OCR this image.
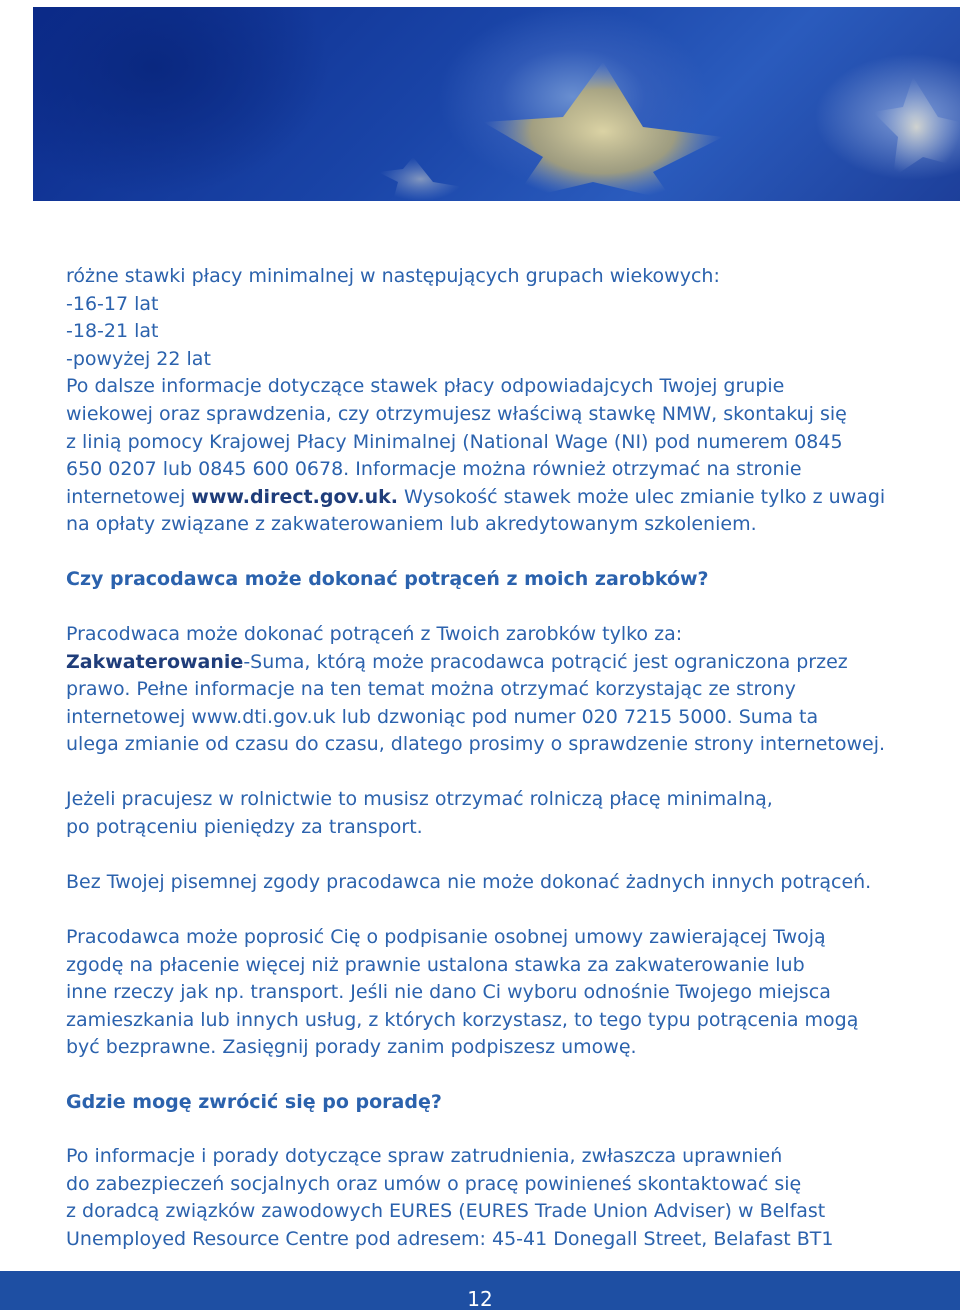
różne stawki płacy minimalnej w następujących grupach wiekowych:
-16-17 lat
-18-21 lat
-powyżej 22 lat
Po dalsze informacje dotyczące stawek płacy odpowiadajcych Twojej grupie
wiekowej oraz sprawdzenia, czy otrzymujesz właściwą stawkę NMW, skontakuj się
z linią pomocy Krajowej Płacy Minimalnej (National Wage (NI) pod numerem 0845
650 0207 lub 0845 600 0678. Informacje można również otrzymać na stronie
internetowej www.direct.gov.uk. Wysokość stawek może ulec zmianie tylko z uwagi
na opłaty związane z zakwaterowaniem lub akredytowanym szkoleniem.

Czy pracodawca może dokonać potrąceń z moich zarobków?

Pracodwaca może dokonać potrąceń z Twoich zarobków tylko za:
Zakwaterowanie-Suma, którą może pracodawca potrącić jest ograniczona przez
prawo. Pełne informacje na ten temat można otrzymać korzystając ze strony
internetowej www.dti.gov.uk lub dzwoniąc pod numer 020 7215 5000. Suma ta
ulega zmianie od czasu do czasu, dlatego prosimy o sprawdzenie strony internetowej.

Jeżeli pracujesz w rolnictwie to musisz otrzymać rolniczą płacę minimalną,
po potrąceniu pieniędzy za transport.

Bez Twojej pisemnej zgody pracodawca nie może dokonać żadnych innych potrąceń.

Pracodawca może poprosić Cię o podpisanie osobnej umowy zawierającej Twoją
zgodę na płacenie więcej niż prawnie ustalona stawka za zakwaterowanie lub
inne rzeczy jak np. transport. Jeśli nie dano Ci wyboru odnośnie Twojego miejsca
zamieszkania lub innych usług, z których korzystasz, to tego typu potrącenia mogą
być bezprawne. Zasięgnij porady zanim podpiszesz umowę.

Gdzie mogę zwrócić się po poradę?

Po informacje i porady dotyczące spraw zatrudnienia, zwłaszcza uprawnień
do zabezpieczeń socjalnych oraz umów o pracę powinieneś skontaktować się
z doradcą związków zawodowych EURES (EURES Trade Union Adviser) w Belfast
Unemployed Resource Centre pod adresem: 45-41 Donegall Street, Belafast BT1

12
